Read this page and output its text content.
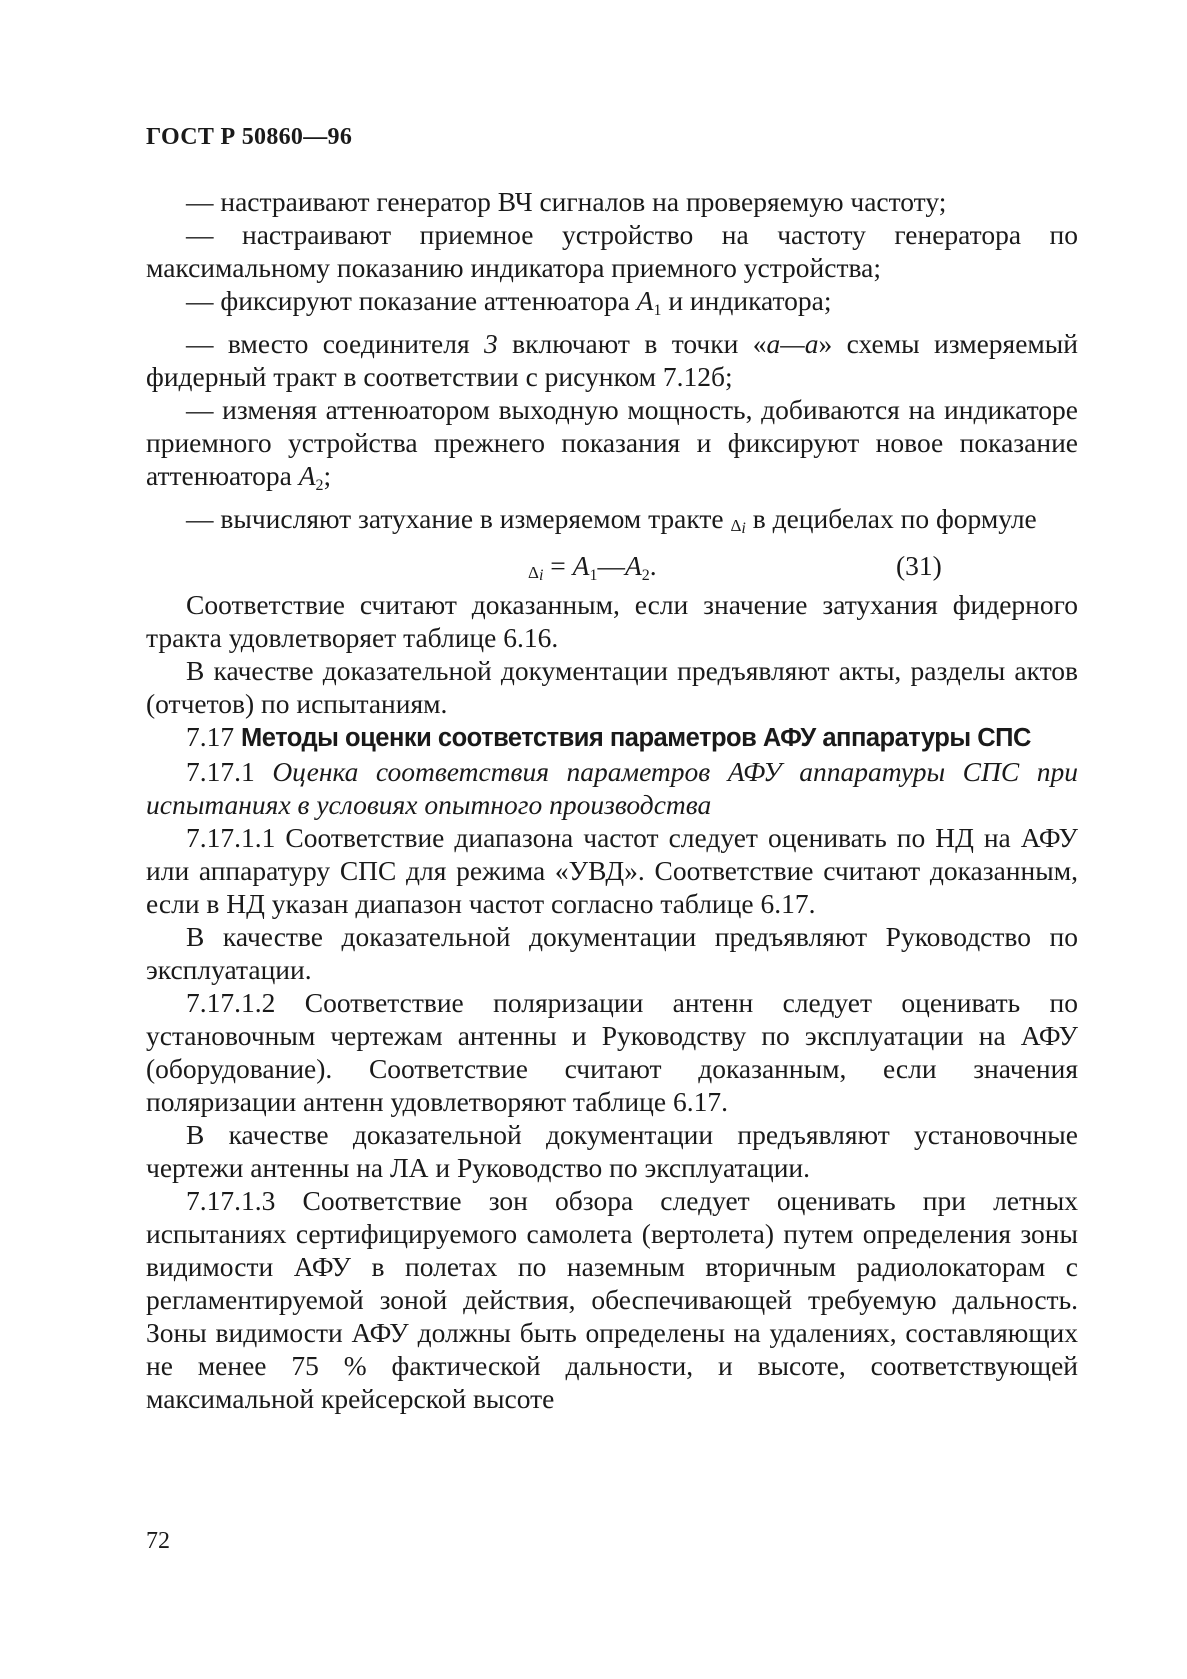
ГОСТ Р 50860—96

— настраивают генератор ВЧ сигналов на проверяемую частоту;

— настраивают приемное устройство на частоту генератора по максимальному показанию индикатора приемного устройства;

— фиксируют показание аттенюатора $A_1$ и индикатора;

— вместо соединителя 3 включают в точки «a—a» схемы измеряемый фидерный тракт в соответствии с рисунком 7.12б;

— изменяя аттенюатором выходную мощность, добиваются на индикаторе приемного устройства прежнего показания и фиксируют новое показание аттенюатора $A_2$;

— вычисляют затухание в измеряемом тракте $\Delta_i$ в децибелах по формуле

$\Delta_i$ = $A_1—A_2$.	(31)

Соответствие считают доказанным, если значение затухания фидерного тракта удовлетворяет таблице 6.16.

В качестве доказательной документации предъявляют акты, разделы актов (отчетов) по испытаниям.

7.17 Методы оценки соответствия параметров АФУ аппаратуры СПС

7.17.1 Оценка соответствия параметров АФУ аппаратуры СПС при испытаниях в условиях опытного производства

7.17.1.1 Соответствие диапазона частот следует оценивать по НД на АФУ или аппаратуру СПС для режима «УВД». Соответствие считают доказанным, если в НД указан диапазон частот согласно таблице 6.17.

В качестве доказательной документации предъявляют Руководство по эксплуатации.

7.17.1.2 Соответствие поляризации антенн следует оценивать по установочным чертежам антенны и Руководству по эксплуатации на АФУ (оборудование). Соответствие считают доказанным, если значения поляризации антенн удовлетворяют таблице 6.17.

В качестве доказательной документации предъявляют установочные чертежи антенны на ЛА и Руководство по эксплуатации.

7.17.1.3 Соответствие зон обзора следует оценивать при летных испытаниях сертифицируемого самолета (вертолета) путем определения зоны видимости АФУ в полетах по наземным вторичным радиолокаторам с регламентируемой зоной действия, обеспечивающей требуемую дальность. Зоны видимости АФУ должны быть определены на удалениях, составляющих не менее 75 % фактической дальности, и высоте, соответствующей максимальной крейсерской высоте

72
